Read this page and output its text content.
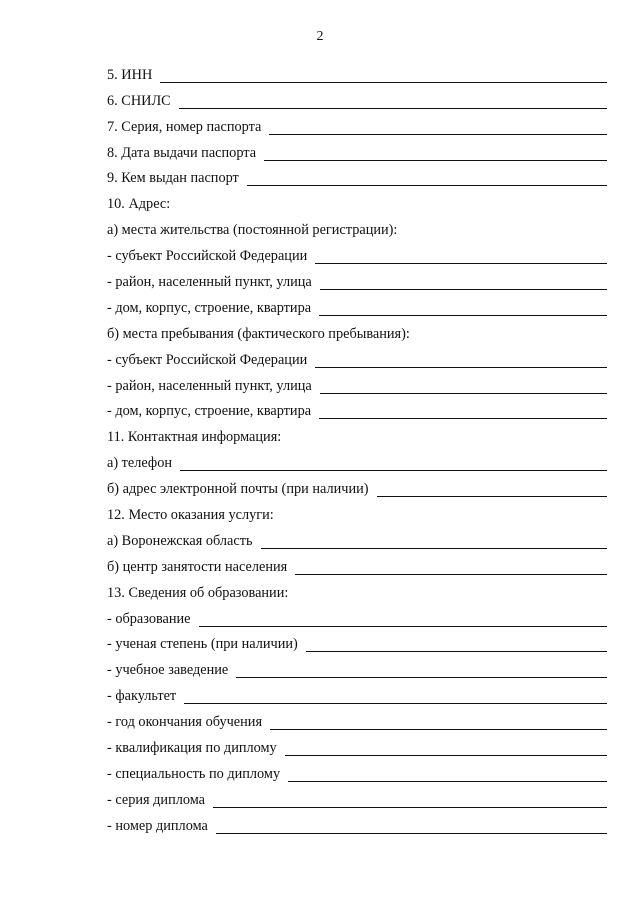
2
5. ИНН
6. СНИЛС
7. Серия, номер паспорта
8. Дата выдачи паспорта
9. Кем выдан паспорт
10. Адрес:
а) места жительства (постоянной регистрации):
- субъект Российской Федерации
- район, населенный пункт, улица
- дом, корпус, строение, квартира
б) места пребывания (фактического пребывания):
- субъект Российской Федерации
- район, населенный пункт, улица
- дом, корпус, строение, квартира
11. Контактная информация:
а) телефон
б) адрес электронной почты (при наличии)
12. Место оказания услуги:
а) Воронежская область
б) центр занятости населения
13. Сведения об образовании:
- образование
- ученая степень (при наличии)
- учебное заведение
- факультет
- год окончания обучения
- квалификация по диплому
- специальность по диплому
- серия диплома
- номер диплома
